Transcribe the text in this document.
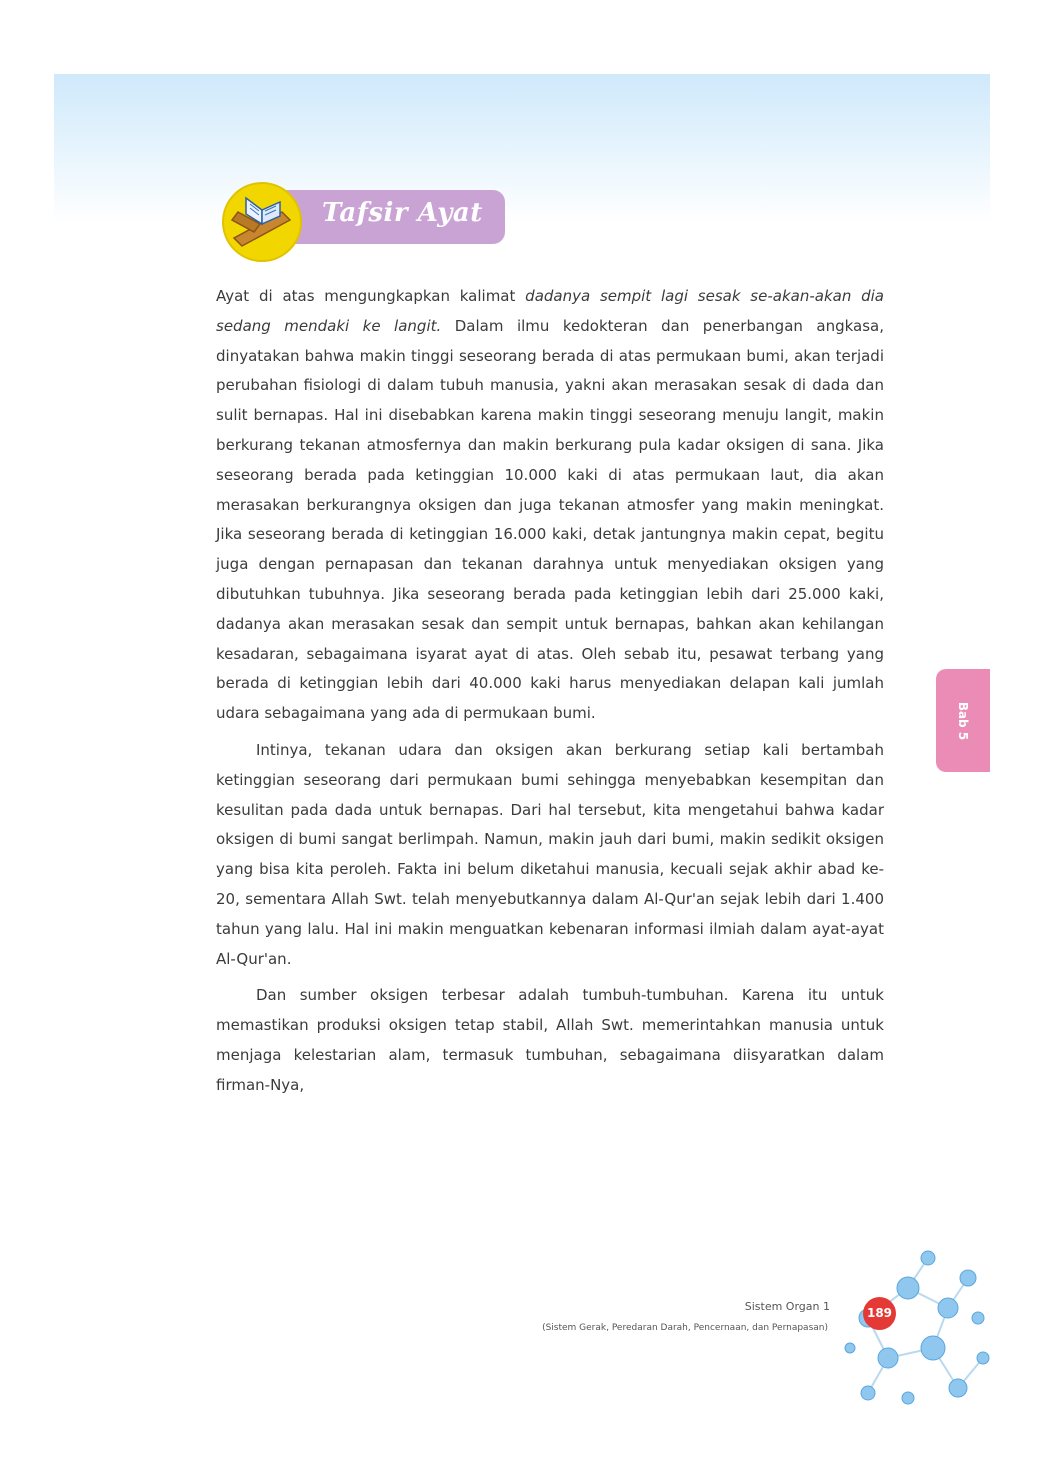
Tafsir Ayat

Ayat di atas mengungkapkan kalimat dadanya sempit lagi sesak se-akan-akan dia sedang mendaki ke langit. Dalam ilmu kedokteran dan penerbangan angkasa, dinyatakan bahwa makin tinggi seseorang berada di atas permukaan bumi, akan terjadi perubahan fisiologi di dalam tubuh manusia, yakni akan merasakan sesak di dada dan sulit bernapas. Hal ini disebabkan karena makin tinggi seseorang menuju langit, makin berkurang tekanan atmosfernya dan makin berkurang pula kadar oksigen di sana. Jika seseorang berada pada ketinggian 10.000 kaki di atas permukaan laut, dia akan merasakan berkurangnya oksigen dan juga tekanan atmosfer yang makin meningkat. Jika seseorang berada di ketinggian 16.000 kaki, detak jantungnya makin cepat, begitu juga dengan pernapasan dan tekanan darahnya untuk menyediakan oksigen yang dibutuhkan tubuhnya. Jika seseorang berada pada ketinggian lebih dari 25.000 kaki, dadanya akan merasakan sesak dan sempit untuk bernapas, bahkan akan kehilangan kesadaran, sebagaimana isyarat ayat di atas. Oleh sebab itu, pesawat terbang yang berada di ketinggian lebih dari 40.000 kaki harus menyediakan delapan kali jumlah udara sebagaimana yang ada di permukaan bumi.

Intinya, tekanan udara dan oksigen akan berkurang setiap kali bertambah ketinggian seseorang dari permukaan bumi sehingga menyebabkan kesempitan dan kesulitan pada dada untuk bernapas. Dari hal tersebut, kita mengetahui bahwa kadar oksigen di bumi sangat berlimpah. Namun, makin jauh dari bumi, makin sedikit oksigen yang bisa kita peroleh. Fakta ini belum diketahui manusia, kecuali sejak akhir abad ke-20, sementara Allah Swt. telah menyebutkannya dalam Al-Qur'an sejak lebih dari 1.400 tahun yang lalu. Hal ini makin menguatkan kebenaran informasi ilmiah dalam ayat-ayat Al-Qur'an.

Dan sumber oksigen terbesar adalah tumbuh-tumbuhan. Karena itu untuk memastikan produksi oksigen tetap stabil, Allah Swt. memerintahkan manusia untuk menjaga kelestarian alam, termasuk tumbuhan, sebagaimana diisyaratkan dalam firman-Nya,

Bab 5
Sistem Organ 1
(Sistem Gerak, Peredaran Darah, Pencernaan, dan Pernapasan)
189
